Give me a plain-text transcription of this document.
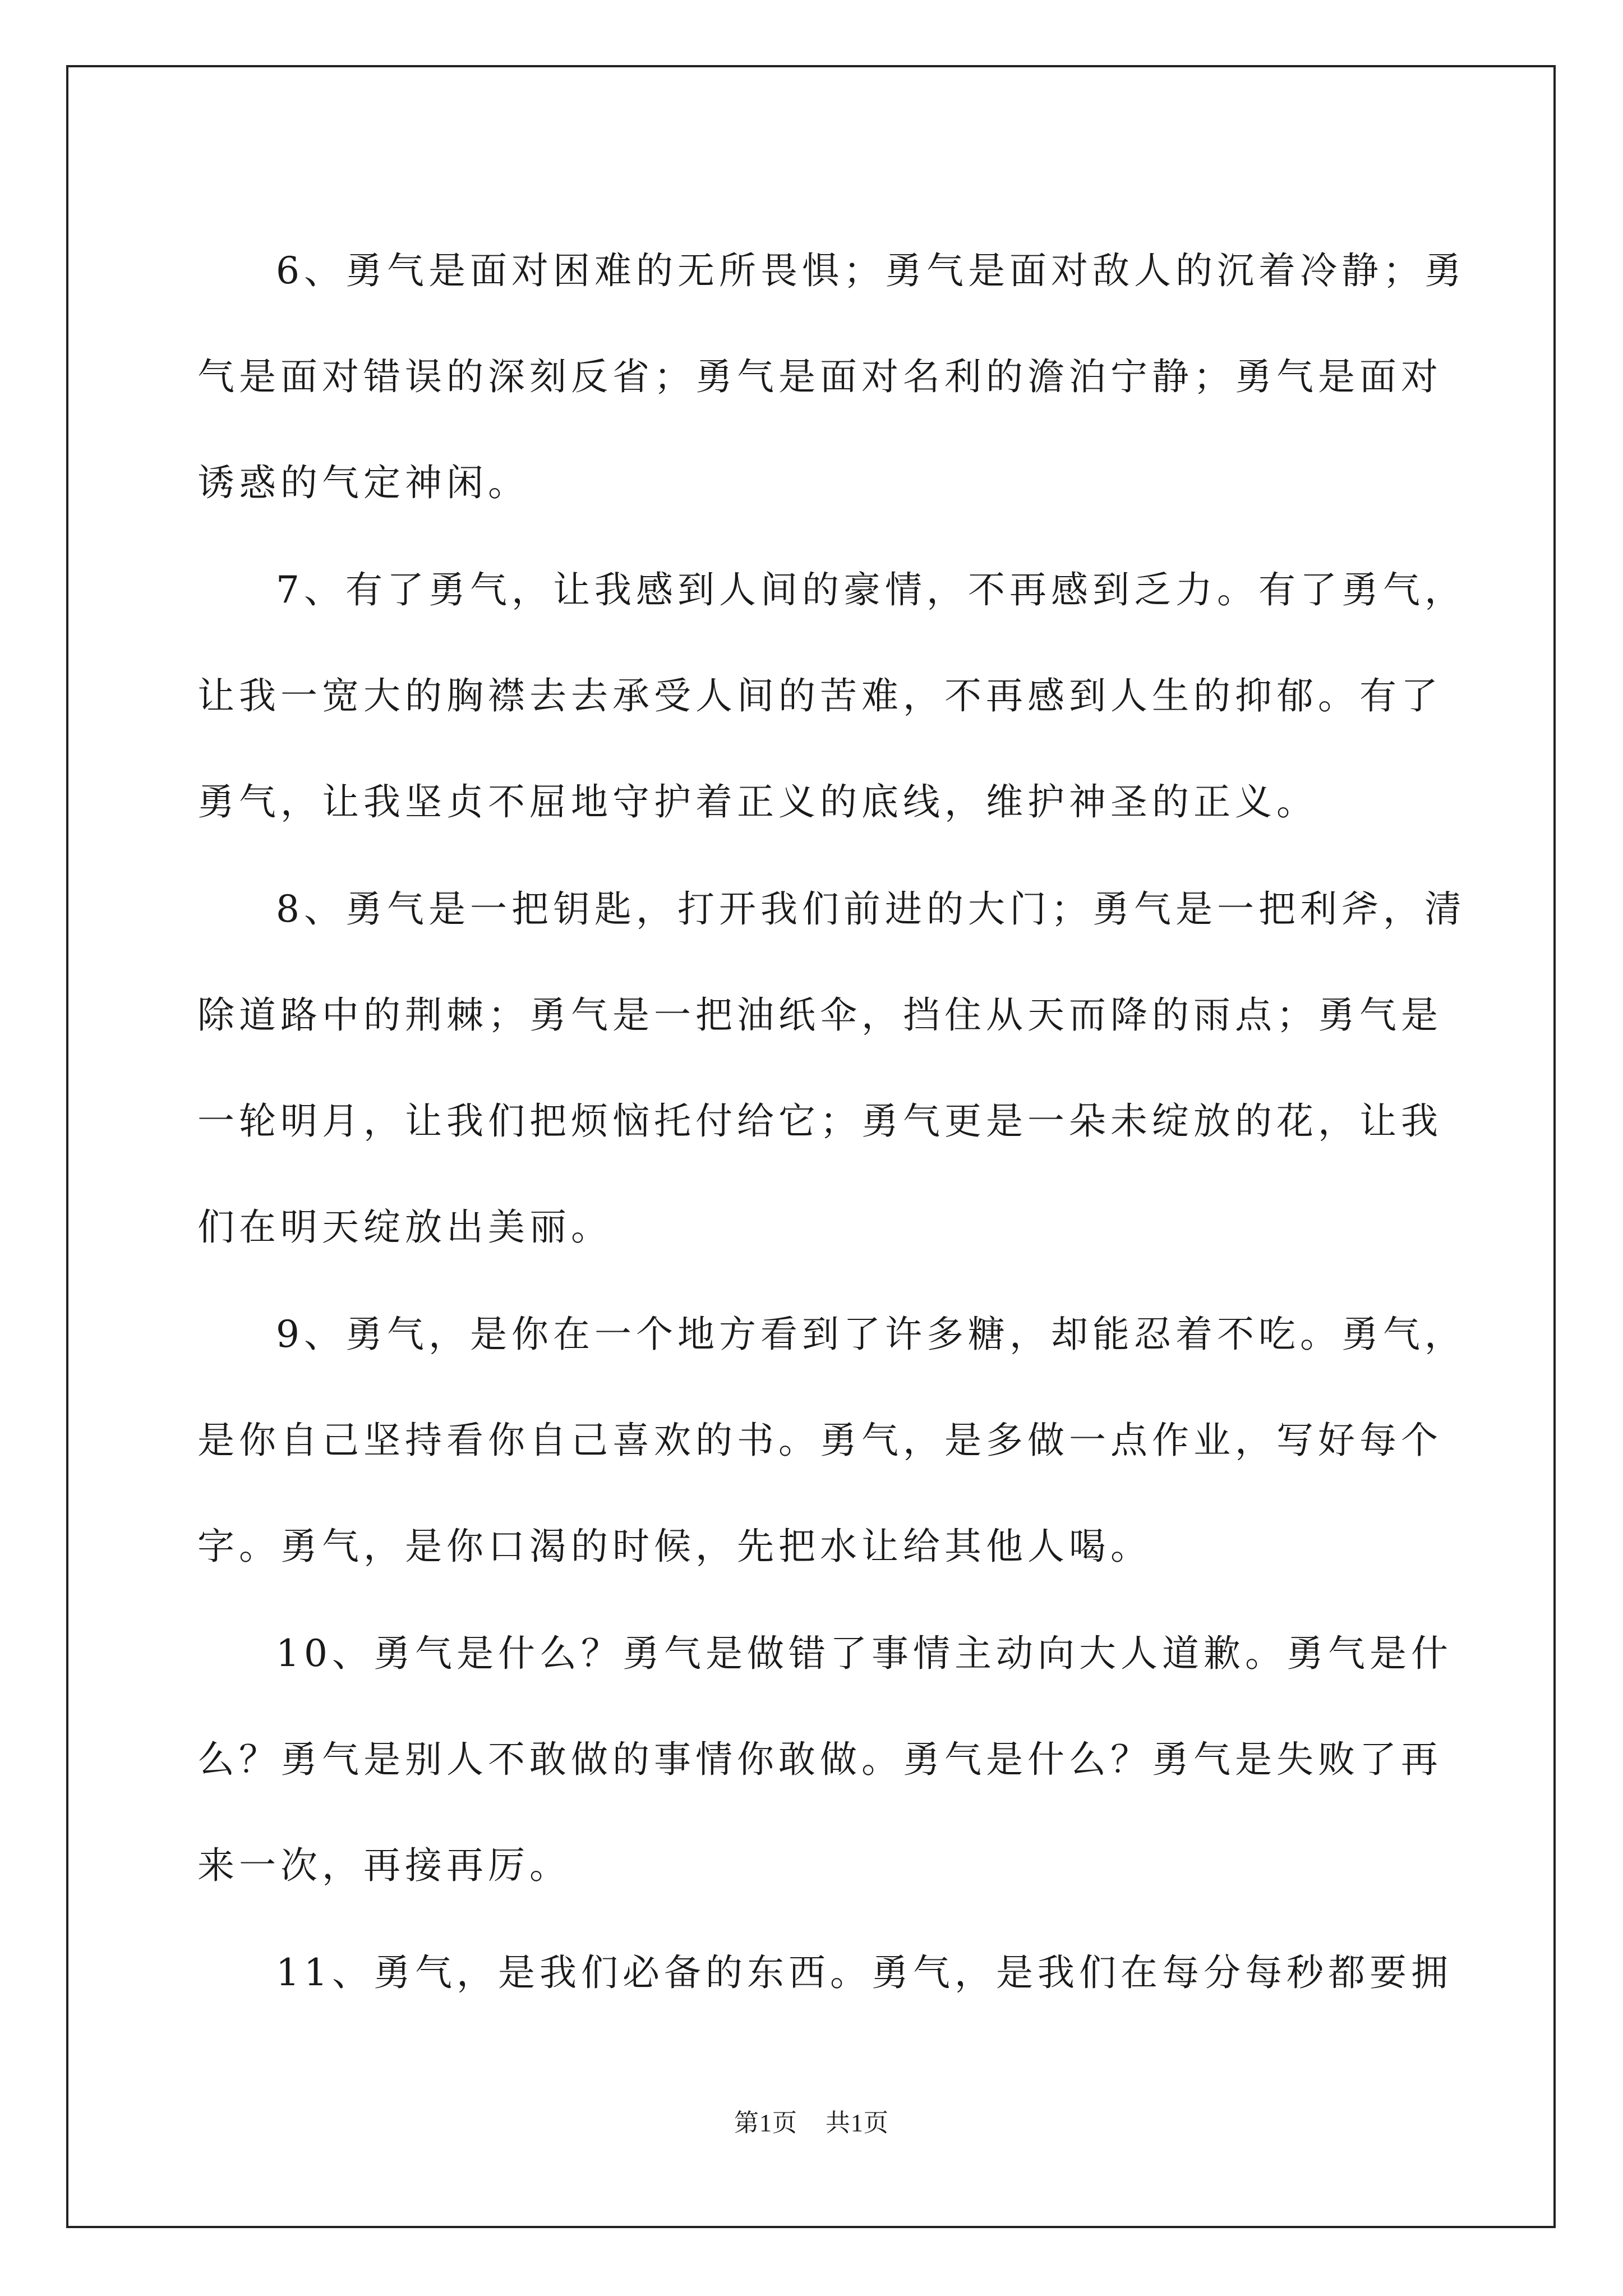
6、勇气是面对困难的无所畏惧；勇气是面对敌人的沉着冷静；勇
气是面对错误的深刻反省；勇气是面对名利的澹泊宁静；勇气是面对
诱惑的气定神闲。

7、有了勇气，让我感到人间的豪情，不再感到乏力。有了勇气，
让我一宽大的胸襟去去承受人间的苦难，不再感到人生的抑郁。有了
勇气，让我坚贞不屈地守护着正义的底线，维护神圣的正义。

8、勇气是一把钥匙，打开我们前进的大门；勇气是一把利斧，清
除道路中的荆棘；勇气是一把油纸伞，挡住从天而降的雨点；勇气是
一轮明月，让我们把烦恼托付给它；勇气更是一朵未绽放的花，让我
们在明天绽放出美丽。

9、勇气，是你在一个地方看到了许多糖，却能忍着不吃。勇气，
是你自己坚持看你自己喜欢的书。勇气，是多做一点作业，写好每个
字。勇气，是你口渴的时候，先把水让给其他人喝。

10、勇气是什么？勇气是做错了事情主动向大人道歉。勇气是什
么？勇气是别人不敢做的事情你敢做。勇气是什么？勇气是失败了再
来一次，再接再厉。

11、勇气，是我们必备的东西。勇气，是我们在每分每秒都要拥

第1页 共1页
